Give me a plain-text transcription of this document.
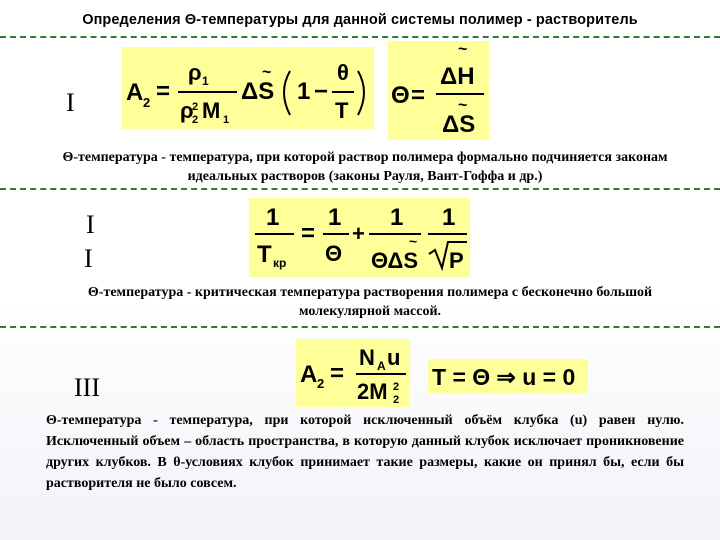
Определения Θ-температуры для данной системы полимер - растворитель
I A 2 =
ρ 1
ρ
2
2 M 1
ΔS
~
1 −
θ
T
Θ =
~
ΔH
~
ΔS
Θ-температура - температура, при которой раствор полимера формально подчиняется законам идеальных растворов (законы Рауля, Вант-Гоффа и др.)
I
I
1
T кр
=
1
Θ
+
1
ΘΔS
~
1
P
Θ-температура - критическая температура растворения полимера с бесконечно большой молекулярной массой.
III	A 2 =
N A u
2M 2
2
T = Θ ⇒ u = 0
Θ-температура - температура, при которой исключенный объём клубка (u) равен нулю. Исключенный объем – область пространства, в которую данный клубок исключает проникновение других клубков. В θ-условиях клубок принимает такие размеры, какие он принял бы, если бы растворителя не было совсем.
